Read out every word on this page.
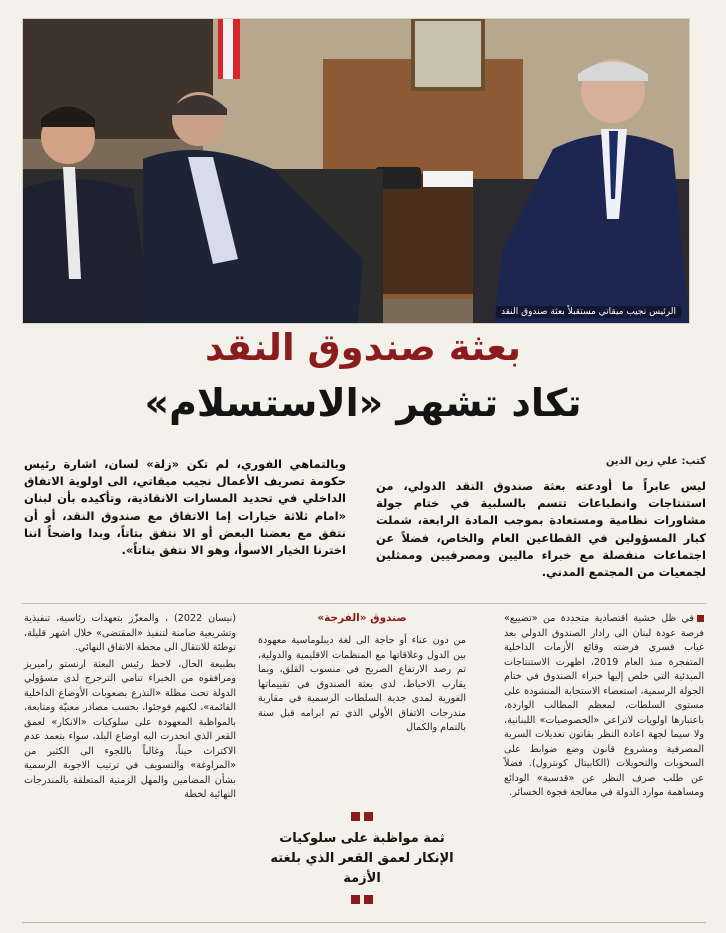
الرئيس نجيب ميقاتي مستقبلاً بعثة صندوق النقد
بعثة صندوق النقد
تكاد تشهر «الاستسلام»
كتب: علي زين الدين
ليس عابراً ما أودعته بعثة صندوق النقد الدولي، من استنتاجات وانطباعات تتسم بالسلبية في ختام جولة مشاورات نظامية ومستعادة بموجب المادة الرابعة، شملت كبار المسؤولين في القطاعين العام والخاص، فضلاً عن اجتماعات منفصلة مع خبراء ماليين ومصرفيين وممثلين لجمعيات من المجتمع المدني.
وبالتماهي الفوري، لم تكن «زلة» لسان، اشارة رئيس حكومة تصريف الأعمال نجيب ميقاتي، الى اولوية الاتفاق الداخلي في تحديد المسارات الانقاذية، وتأكيده بأن لبنان «امام ثلاثة خيارات إما الاتفاق مع صندوق النقد، أو أن نتفق مع بعضنا البعض أو الا نتفق بتاتاً، وبدا واضحاً اننا اخترنا الخيار الاسوأ، وهو الا نتفق بتاتاً».

في ظل خشية اقتصادية متجددة من «تضييع» فرصة عودة لبنان الى رادار الصندوق الدولي بعد غياب قسري فرضته وقائع الأزمات الداخلية المتفجرة منذ العام 2019، اظهرت الاستنتاجات المبدئية التي خلص إليها خبراء الصندوق في ختام الجولة الرسمية، استعصاء الاستجابة المنشودة على مستوى السلطات، لمعظم المطالب الواردة، باعتبارها اولويات لاتراعي «الخصوصيات» اللبنانية، ولا سيما لجهة اعادة النظر بقانون تعديلات السرية المصرفية ومشروع قانون وضع ضوابط على السحوبات والتحويلات (الكابيتال كونترول). فضلاً عن طلب صرف النظر عن «قدسية» الودائع ومساهمة موارد الدولة في معالجة فجوة الخسائر.

صندوق «الفرجة»

من دون عناء أو حاجة الى لغة ديبلوماسية معهودة بين الدول وعلاقاتها مع المنظمات الاقليمية والدولية، تم رصد الارتفاع الصريح في منسوب القلق، وبما يقارب الاحباط، لدى بعثة الصندوق في تقييماتها الفورية لمدى جدية السلطات الرسمية في مقاربة مندرجات الاتفاق الأولي الذي تم ابرامه قبل سنة بالتمام والكمال

ثمة مواظبة على سلوكيات الإنكار لعمق القعر الذي بلغته الأزمة

(نيسان 2022) ، والمعزّز بتعهدات رئاسية، تنفيذية وتشريعية ضامنة لتنفيذ «المقتضى» خلال اشهر قليلة، توطئة للانتقال الى محطة الاتفاق النهائي.

بطبيعة الحال، لاحظ رئيس البعثة ارنستو راميريز ومرافقوه من الخبراء تنامي الترجرج لدى مسؤولي الدولة تحت مظلة «التذرع بصعوبات الأوضاع الداخلية القائمة»، لكنهم فوجئوا، بحسب مصادر معنيّة ومتابعة، بالمواظبة المعهودة على سلوكيات «الانكار» لعمق القعر الذي انحدرت اليه اوضاع البلد، سواء بتعمد عدم الاكتراث حيناً، وغالباً باللجوء الى الكثير من «المراوغة» والتسويف في ترتيب الاجوبة الرسمية بشأن المضامين والمهل الزمنية المتعلقة بالمندرجات النهائية لخطة
